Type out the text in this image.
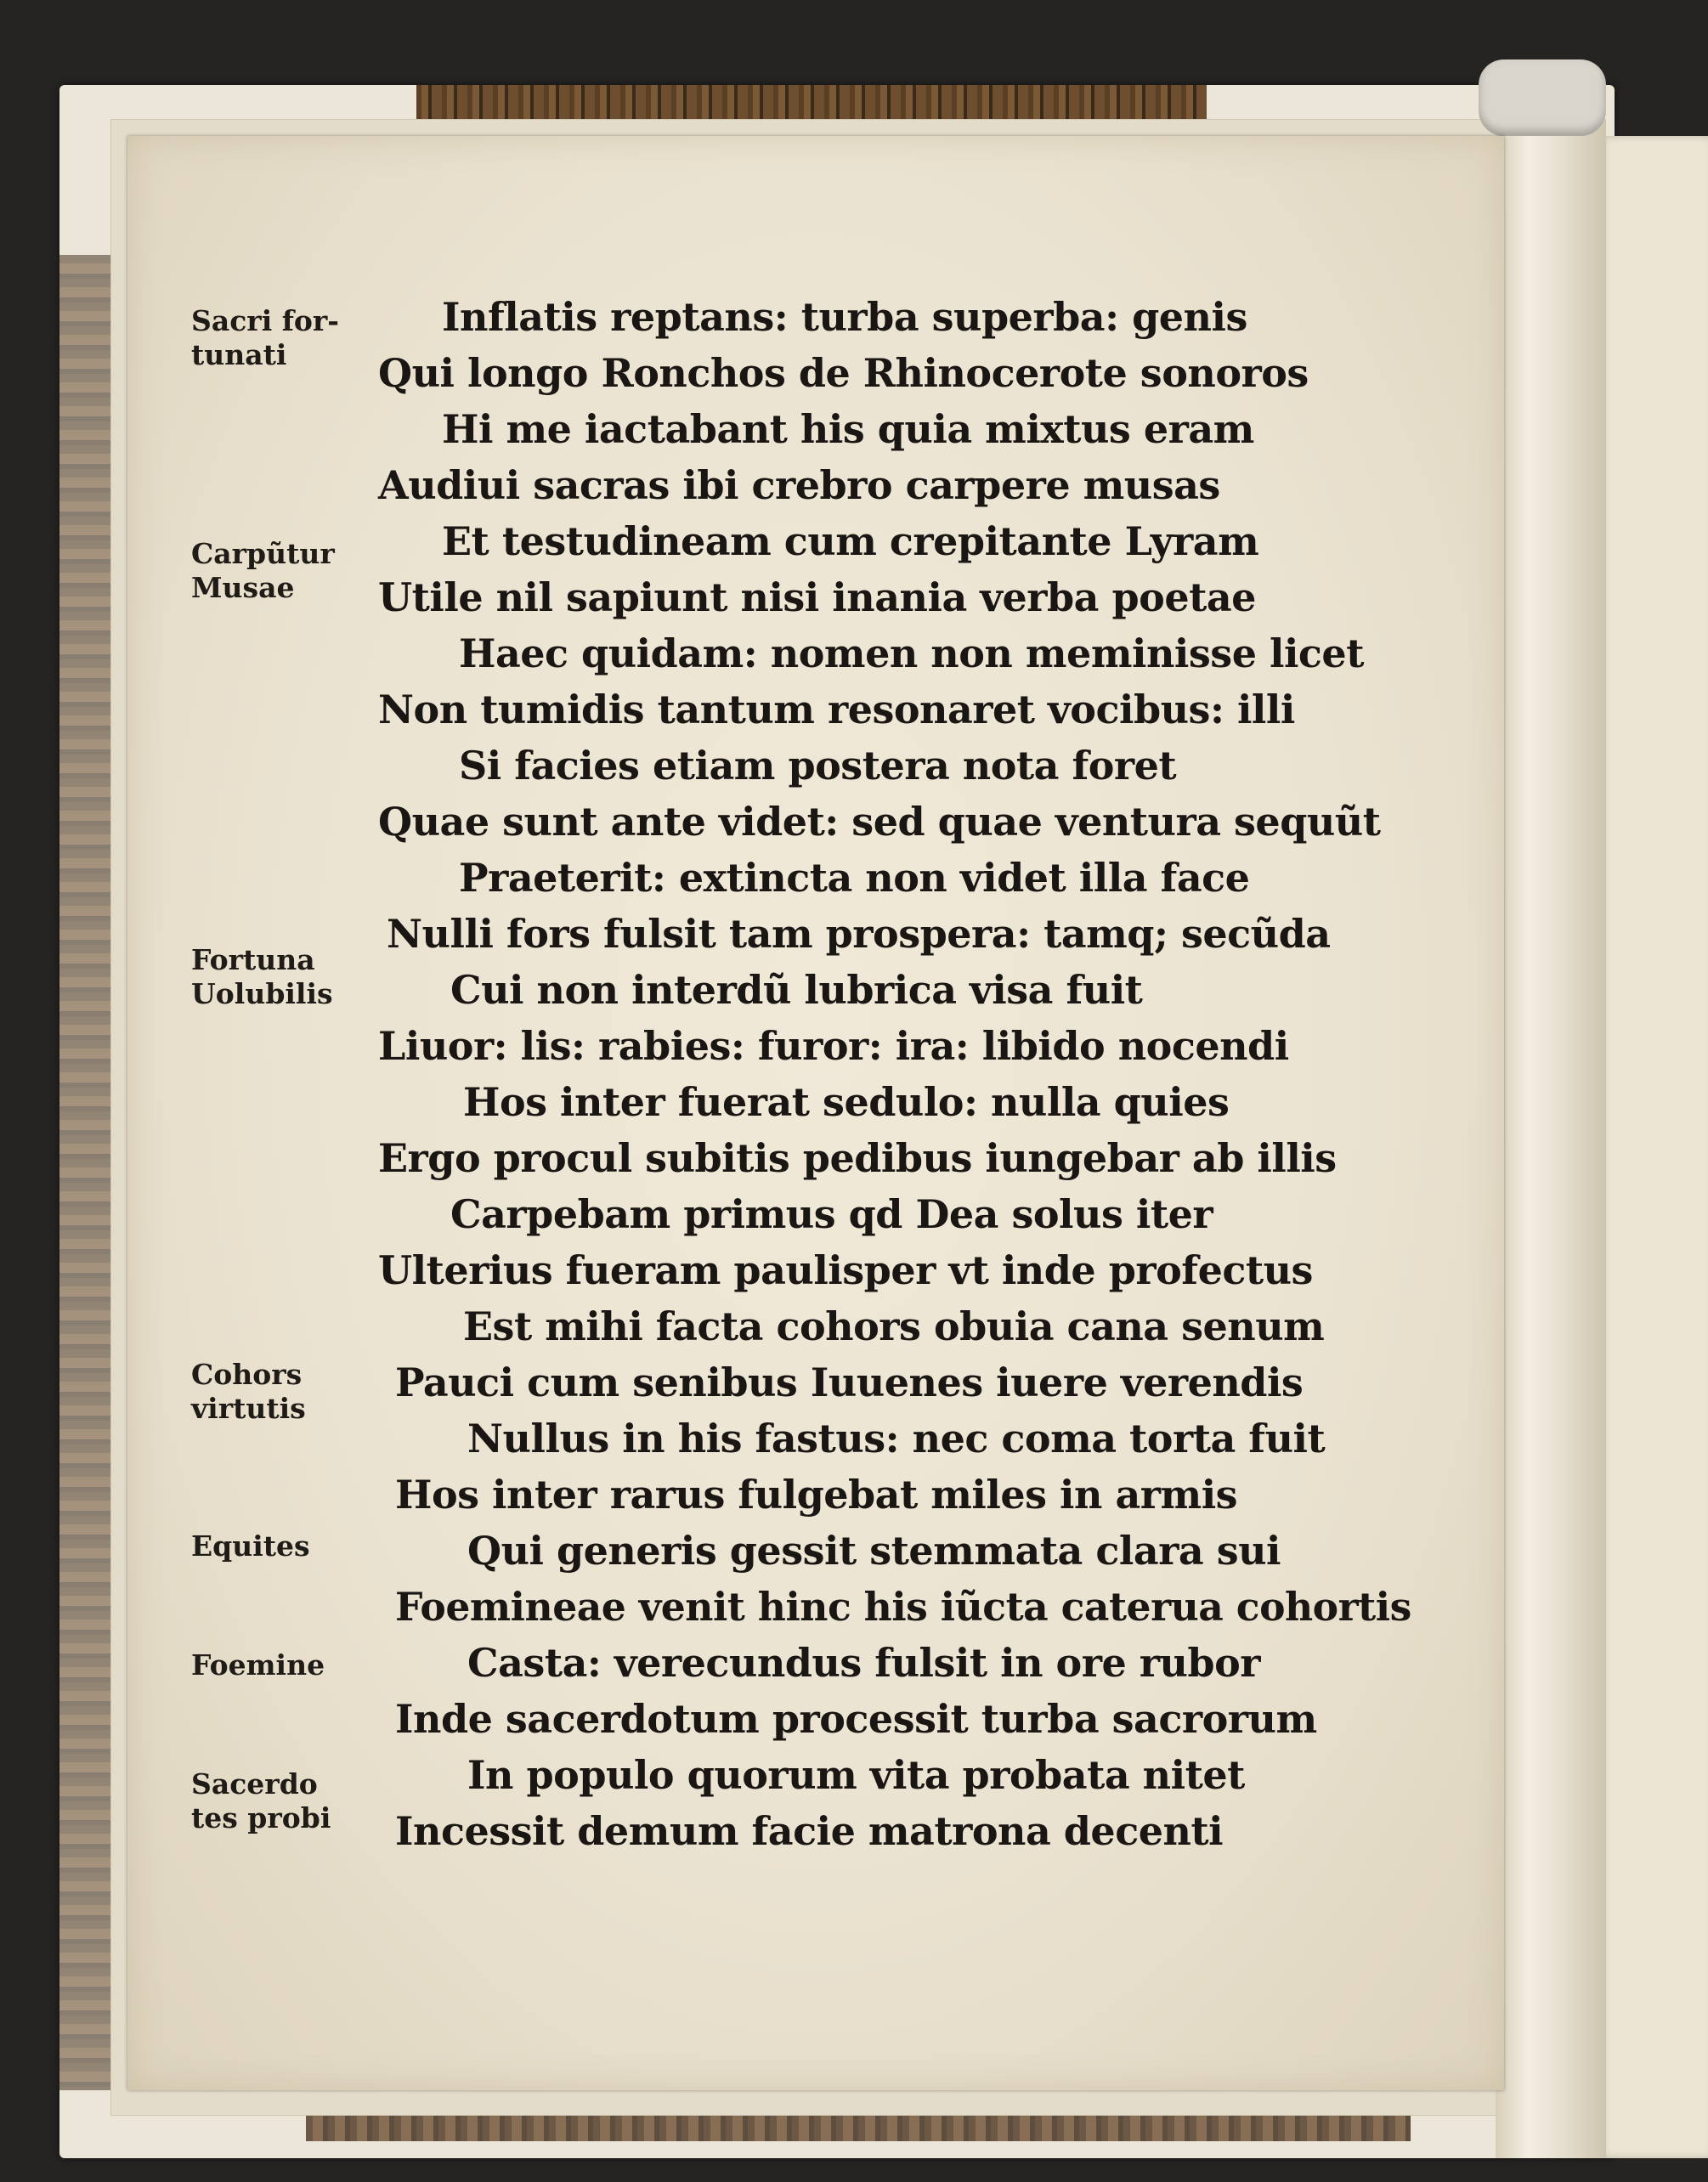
Sacri for-
tunati
Carpũtur
Musae
Fortuna
Uolubilis
Cohors
virtutis
Equites
Foemine
Sacerdo
tes probi
Inflatis reptans: turba superba: genis
Qui longo Ronchos de Rhinocerote sonoros
Hi me iactabant his quia mixtus eram
Audiui sacras ibi crebro carpere musas
Et testudineam cum crepitante Lyram
Utile nil sapiunt nisi inania verba poetae
Haec quidam: nomen non meminisse licet
Non tumidis tantum resonaret vocibus: illi
Si facies etiam postera nota foret
Quae sunt ante videt: sed quae ventura sequũt
Praeterit: extincta non videt illa face
Nulli fors fulsit tam prospera: tamq; secũda
Cui non interdũ lubrica visa fuit
Liuor: lis: rabies: furor: ira: libido nocendi
Hos inter fuerat sedulo: nulla quies
Ergo procul subitis pedibus iungebar ab illis
Carpebam primus qd Dea solus iter
Ulterius fueram paulisper vt inde profectus
Est mihi facta cohors obuia cana senum
Pauci cum senibus Iuuenes iuere verendis
Nullus in his fastus: nec coma torta fuit
Hos inter rarus fulgebat miles in armis
Qui generis gessit stemmata clara sui
Foemineae venit hinc his iũcta caterua cohortis
Casta: verecundus fulsit in ore rubor
Inde sacerdotum processit turba sacrorum
In populo quorum vita probata nitet
Incessit demum facie matrona decenti
